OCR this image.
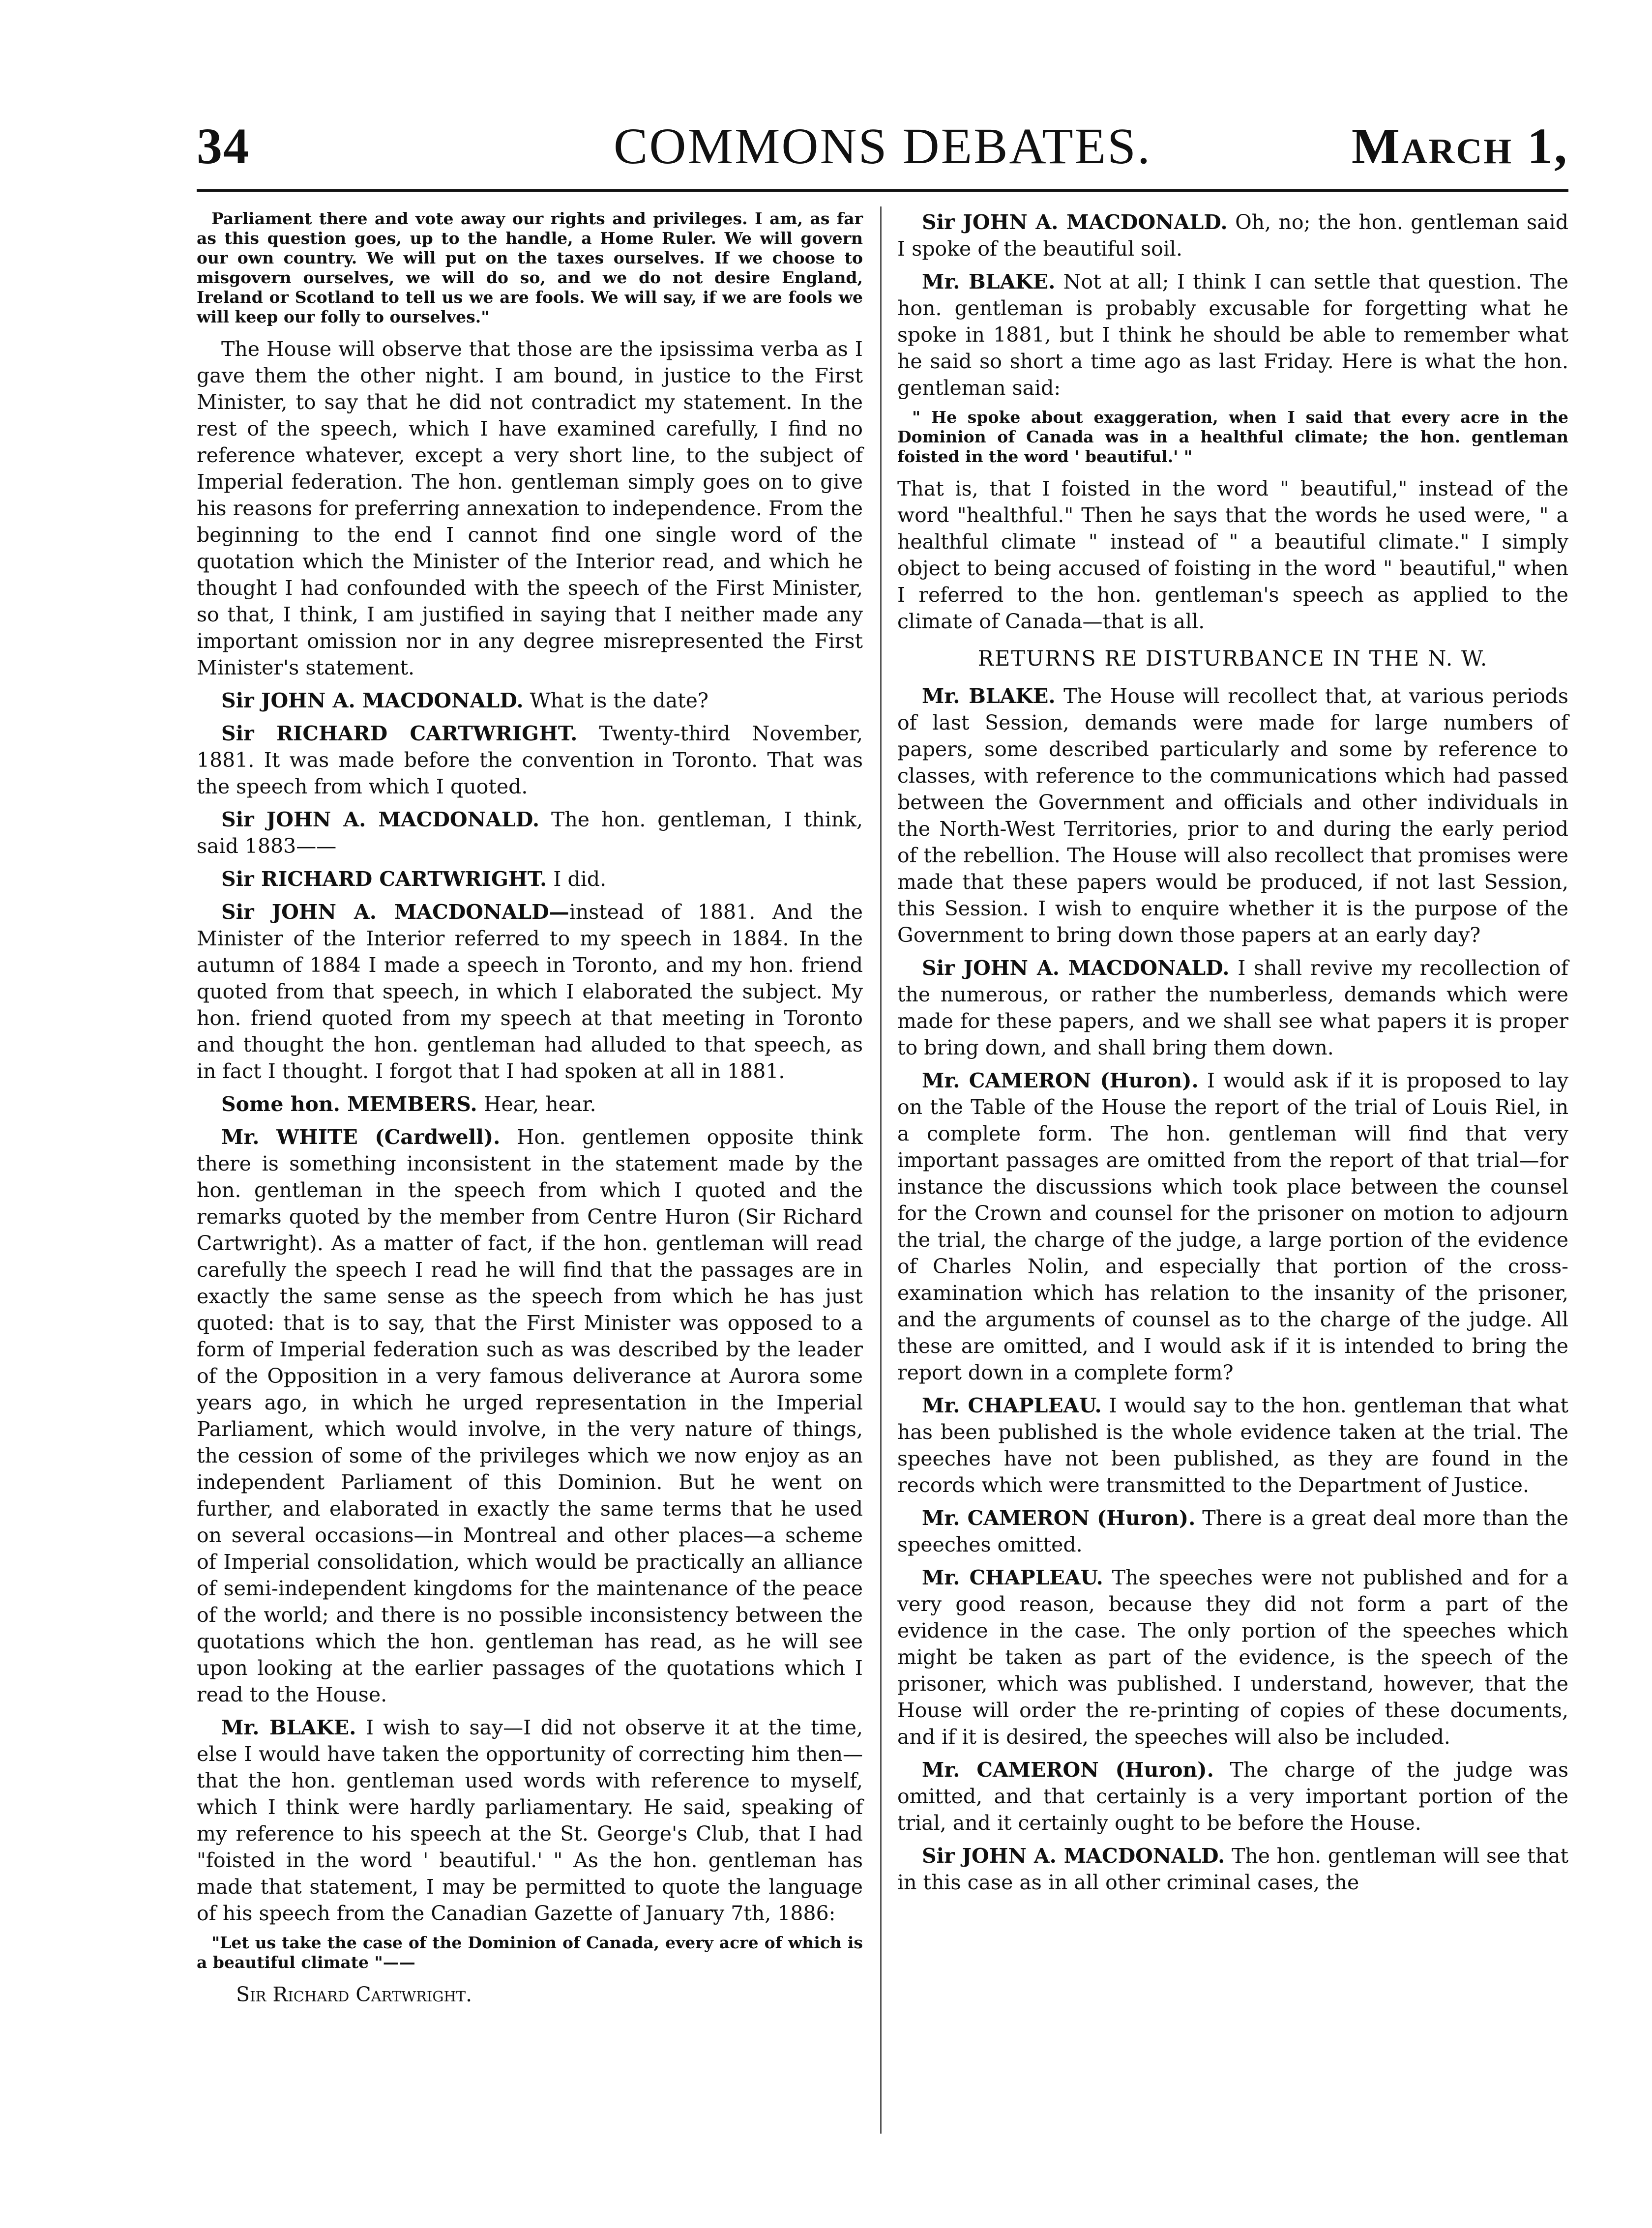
34	COMMONS DEBATES.	March 1,

Parliament there and vote away our rights and privileges. I am, as far as this question goes, up to the handle, a Home Ruler. We will govern our own country. We will put on the taxes ourselves. If we choose to misgovern ourselves, we will do so, and we do not desire England, Ireland or Scotland to tell us we are fools. We will say, if we are fools we will keep our folly to ourselves."

The House will observe that those are the ipsissima verba as I gave them the other night. I am bound, in justice to the First Minister, to say that he did not contradict my statement. In the rest of the speech, which I have examined carefully, I find no reference whatever, except a very short line, to the subject of Imperial federation. The hon. gentleman simply goes on to give his reasons for preferring annexation to independence. From the beginning to the end I cannot find one single word of the quotation which the Minister of the Interior read, and which he thought I had confounded with the speech of the First Minister, so that, I think, I am justified in saying that I neither made any important omission nor in any degree misrepresented the First Minister's statement.

Sir JOHN A. MACDONALD. What is the date?

Sir RICHARD CARTWRIGHT. Twenty-third November, 1881. It was made before the convention in Toronto. That was the speech from which I quoted.

Sir JOHN A. MACDONALD. The hon. gentleman, I think, said 1883——

Sir RICHARD CARTWRIGHT. I did.

Sir JOHN A. MACDONALD—instead of 1881. And the Minister of the Interior referred to my speech in 1884. In the autumn of 1884 I made a speech in Toronto, and my hon. friend quoted from that speech, in which I elaborated the subject. My hon. friend quoted from my speech at that meeting in Toronto and thought the hon. gentleman had alluded to that speech, as in fact I thought. I forgot that I had spoken at all in 1881.

Some hon. MEMBERS. Hear, hear.

Mr. WHITE (Cardwell). Hon. gentlemen opposite think there is something inconsistent in the statement made by the hon. gentleman in the speech from which I quoted and the remarks quoted by the member from Centre Huron (Sir Richard Cartwright). As a matter of fact, if the hon. gentleman will read carefully the speech I read he will find that the passages are in exactly the same sense as the speech from which he has just quoted: that is to say, that the First Minister was opposed to a form of Imperial federation such as was described by the leader of the Opposition in a very famous deliverance at Aurora some years ago, in which he urged representation in the Imperial Parliament, which would involve, in the very nature of things, the cession of some of the privileges which we now enjoy as an independent Parliament of this Dominion. But he went on further, and elaborated in exactly the same terms that he used on several occasions—in Montreal and other places—a scheme of Imperial consolidation, which would be practically an alliance of semi-independent kingdoms for the maintenance of the peace of the world; and there is no possible inconsistency between the quotations which the hon. gentleman has read, as he will see upon looking at the earlier passages of the quotations which I read to the House.

Mr. BLAKE. I wish to say—I did not observe it at the time, else I would have taken the opportunity of correcting him then—that the hon. gentleman used words with reference to myself, which I think were hardly parliamentary. He said, speaking of my reference to his speech at the St. George's Club, that I had "foisted in the word ' beautiful.' " As the hon. gentleman has made that statement, I may be permitted to quote the language of his speech from the Canadian Gazette of January 7th, 1886:

"Let us take the case of the Dominion of Canada, every acre of which is a beautiful climate "——

Sir Richard Cartwright.

Sir JOHN A. MACDONALD. Oh, no; the hon. gentleman said I spoke of the beautiful soil.

Mr. BLAKE. Not at all; I think I can settle that question. The hon. gentleman is probably excusable for forgetting what he spoke in 1881, but I think he should be able to remember what he said so short a time ago as last Friday. Here is what the hon. gentleman said:

" He spoke about exaggeration, when I said that every acre in the Dominion of Canada was in a healthful climate; the hon. gentleman foisted in the word ' beautiful.' "

That is, that I foisted in the word " beautiful," instead of the word "healthful." Then he says that the words he used were, " a healthful climate " instead of " a beautiful climate." I simply object to being accused of foisting in the word " beautiful," when I referred to the hon. gentleman's speech as applied to the climate of Canada—that is all.

RETURNS RE DISTURBANCE IN THE N. W.

Mr. BLAKE. The House will recollect that, at various periods of last Session, demands were made for large numbers of papers, some described particularly and some by reference to classes, with reference to the communications which had passed between the Government and officials and other individuals in the North-West Territories, prior to and during the early period of the rebellion. The House will also recollect that promises were made that these papers would be produced, if not last Session, this Session. I wish to enquire whether it is the purpose of the Government to bring down those papers at an early day?

Sir JOHN A. MACDONALD. I shall revive my recollection of the numerous, or rather the numberless, demands which were made for these papers, and we shall see what papers it is proper to bring down, and shall bring them down.

Mr. CAMERON (Huron). I would ask if it is proposed to lay on the Table of the House the report of the trial of Louis Riel, in a complete form. The hon. gentleman will find that very important passages are omitted from the report of that trial—for instance the discussions which took place between the counsel for the Crown and counsel for the prisoner on motion to adjourn the trial, the charge of the judge, a large portion of the evidence of Charles Nolin, and especially that portion of the cross-examination which has relation to the insanity of the prisoner, and the arguments of counsel as to the charge of the judge. All these are omitted, and I would ask if it is intended to bring the report down in a complete form?

Mr. CHAPLEAU. I would say to the hon. gentleman that what has been published is the whole evidence taken at the trial. The speeches have not been published, as they are found in the records which were transmitted to the Department of Justice.

Mr. CAMERON (Huron). There is a great deal more than the speeches omitted.

Mr. CHAPLEAU. The speeches were not published and for a very good reason, because they did not form a part of the evidence in the case. The only portion of the speeches which might be taken as part of the evidence, is the speech of the prisoner, which was published. I understand, however, that the House will order the re-printing of copies of these documents, and if it is desired, the speeches will also be included.

Mr. CAMERON (Huron). The charge of the judge was omitted, and that certainly is a very important portion of the trial, and it certainly ought to be before the House.

Sir JOHN A. MACDONALD. The hon. gentleman will see that in this case as in all other criminal cases, the
